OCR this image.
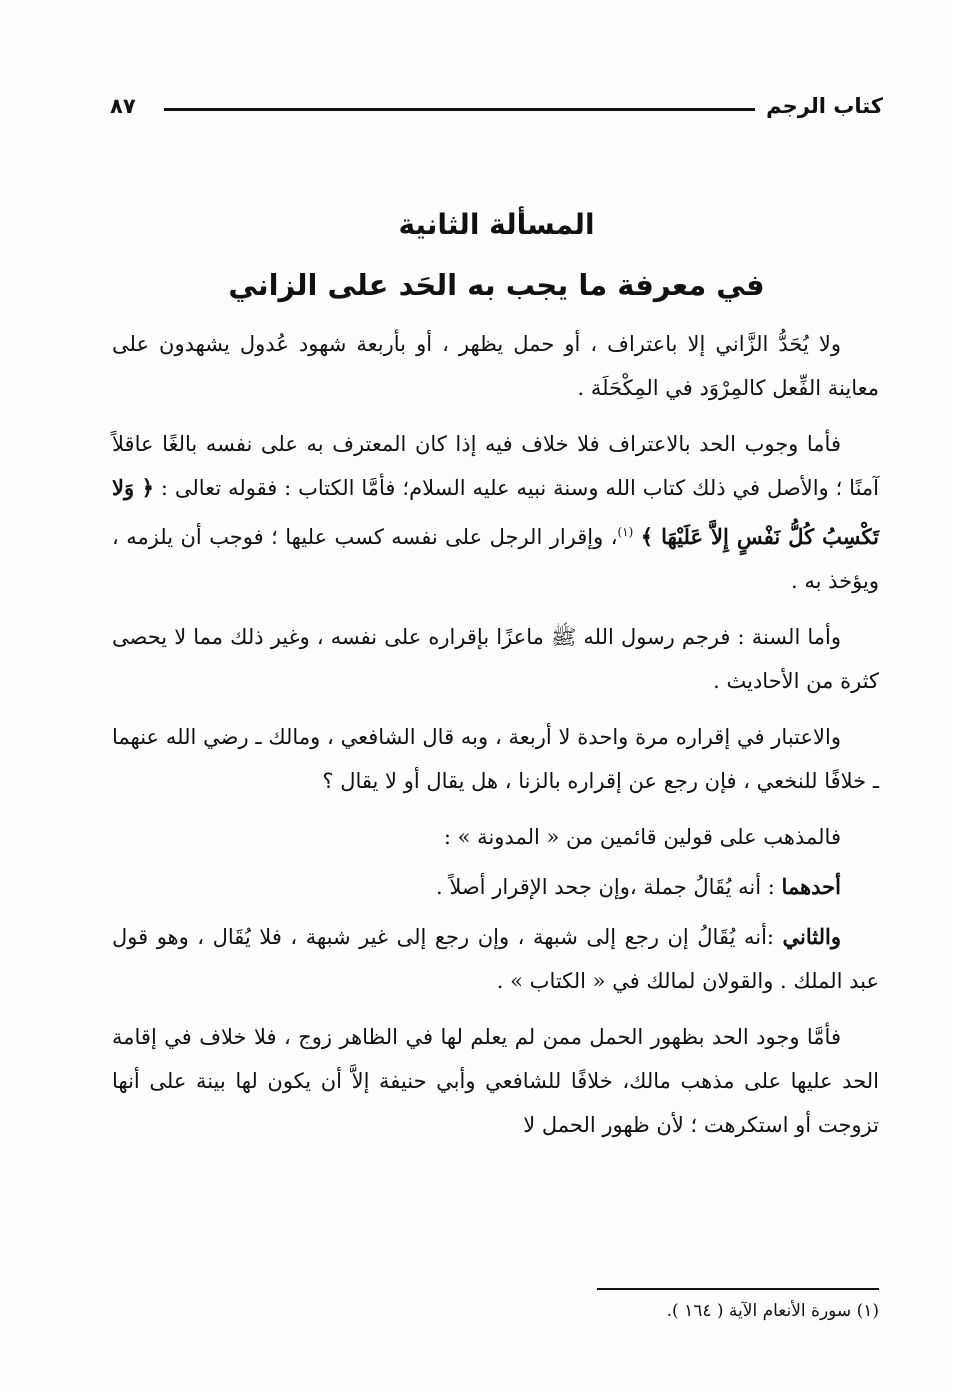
كتاب الرجم
٨٧
المسألة الثانية
في معرفة ما يجب به الحَد على الزاني

ولا يُحَدُّ الزَّاني إلا باعتراف ، أو حمل يظهر ، أو بأربعة شهود عُدول يشهدون على معاينة الفِّعل كالمِرْوَد في المِكْحَلَة .

فأما وجوب الحد بالاعتراف فلا خلاف فيه إذا كان المعترف به على نفسه بالغًا عاقلاً آمنًا ؛ والأصل في ذلك كتاب الله وسنة نبيه عليه السلام؛ فأمَّا الكتاب : فقوله تعالى : ﴿ وَلا تَكْسِبُ كُلُّ نَفْسٍ إِلاَّ عَلَيْهَا ﴾ $^{(١)}$، وإقرار الرجل على نفسه كسب عليها ؛ فوجب أن يلزمه ، ويؤخذ به .

وأما السنة : فرجم رسول الله ﷺ ماعزًا بإقراره على نفسه ، وغير ذلك مما لا يحصى كثرة من الأحاديث .

والاعتبار في إقراره مرة واحدة لا أربعة ، وبه قال الشافعي ، ومالك ـ رضي الله عنهما ـ خلافًا للنخعي ، فإن رجع عن إقراره بالزنا ، هل يقال أو لا يقال ؟

فالمذهب على قولين قائمين من « المدونة » :

أحدهما : أنه يُقَالُ جملة ،وإن جحد الإقرار أصلاً .

والثاني :أنه يُقَالُ إن رجع إلى شبهة ، وإن رجع إلى غير شبهة ، فلا يُقَال ، وهو قول عبد الملك . والقولان لمالك في « الكتاب » .

فأمَّا وجود الحد بظهور الحمل ممن لم يعلم لها في الظاهر زوج ، فلا خلاف في إقامة الحد عليها على مذهب مالك، خلافًا للشافعي وأبي حنيفة إلاَّ أن يكون لها بينة على أنها تزوجت أو استكرهت ؛ لأن ظهور الحمل لا

(١) سورة الأنعام الآية ( ١٦٤ ).
